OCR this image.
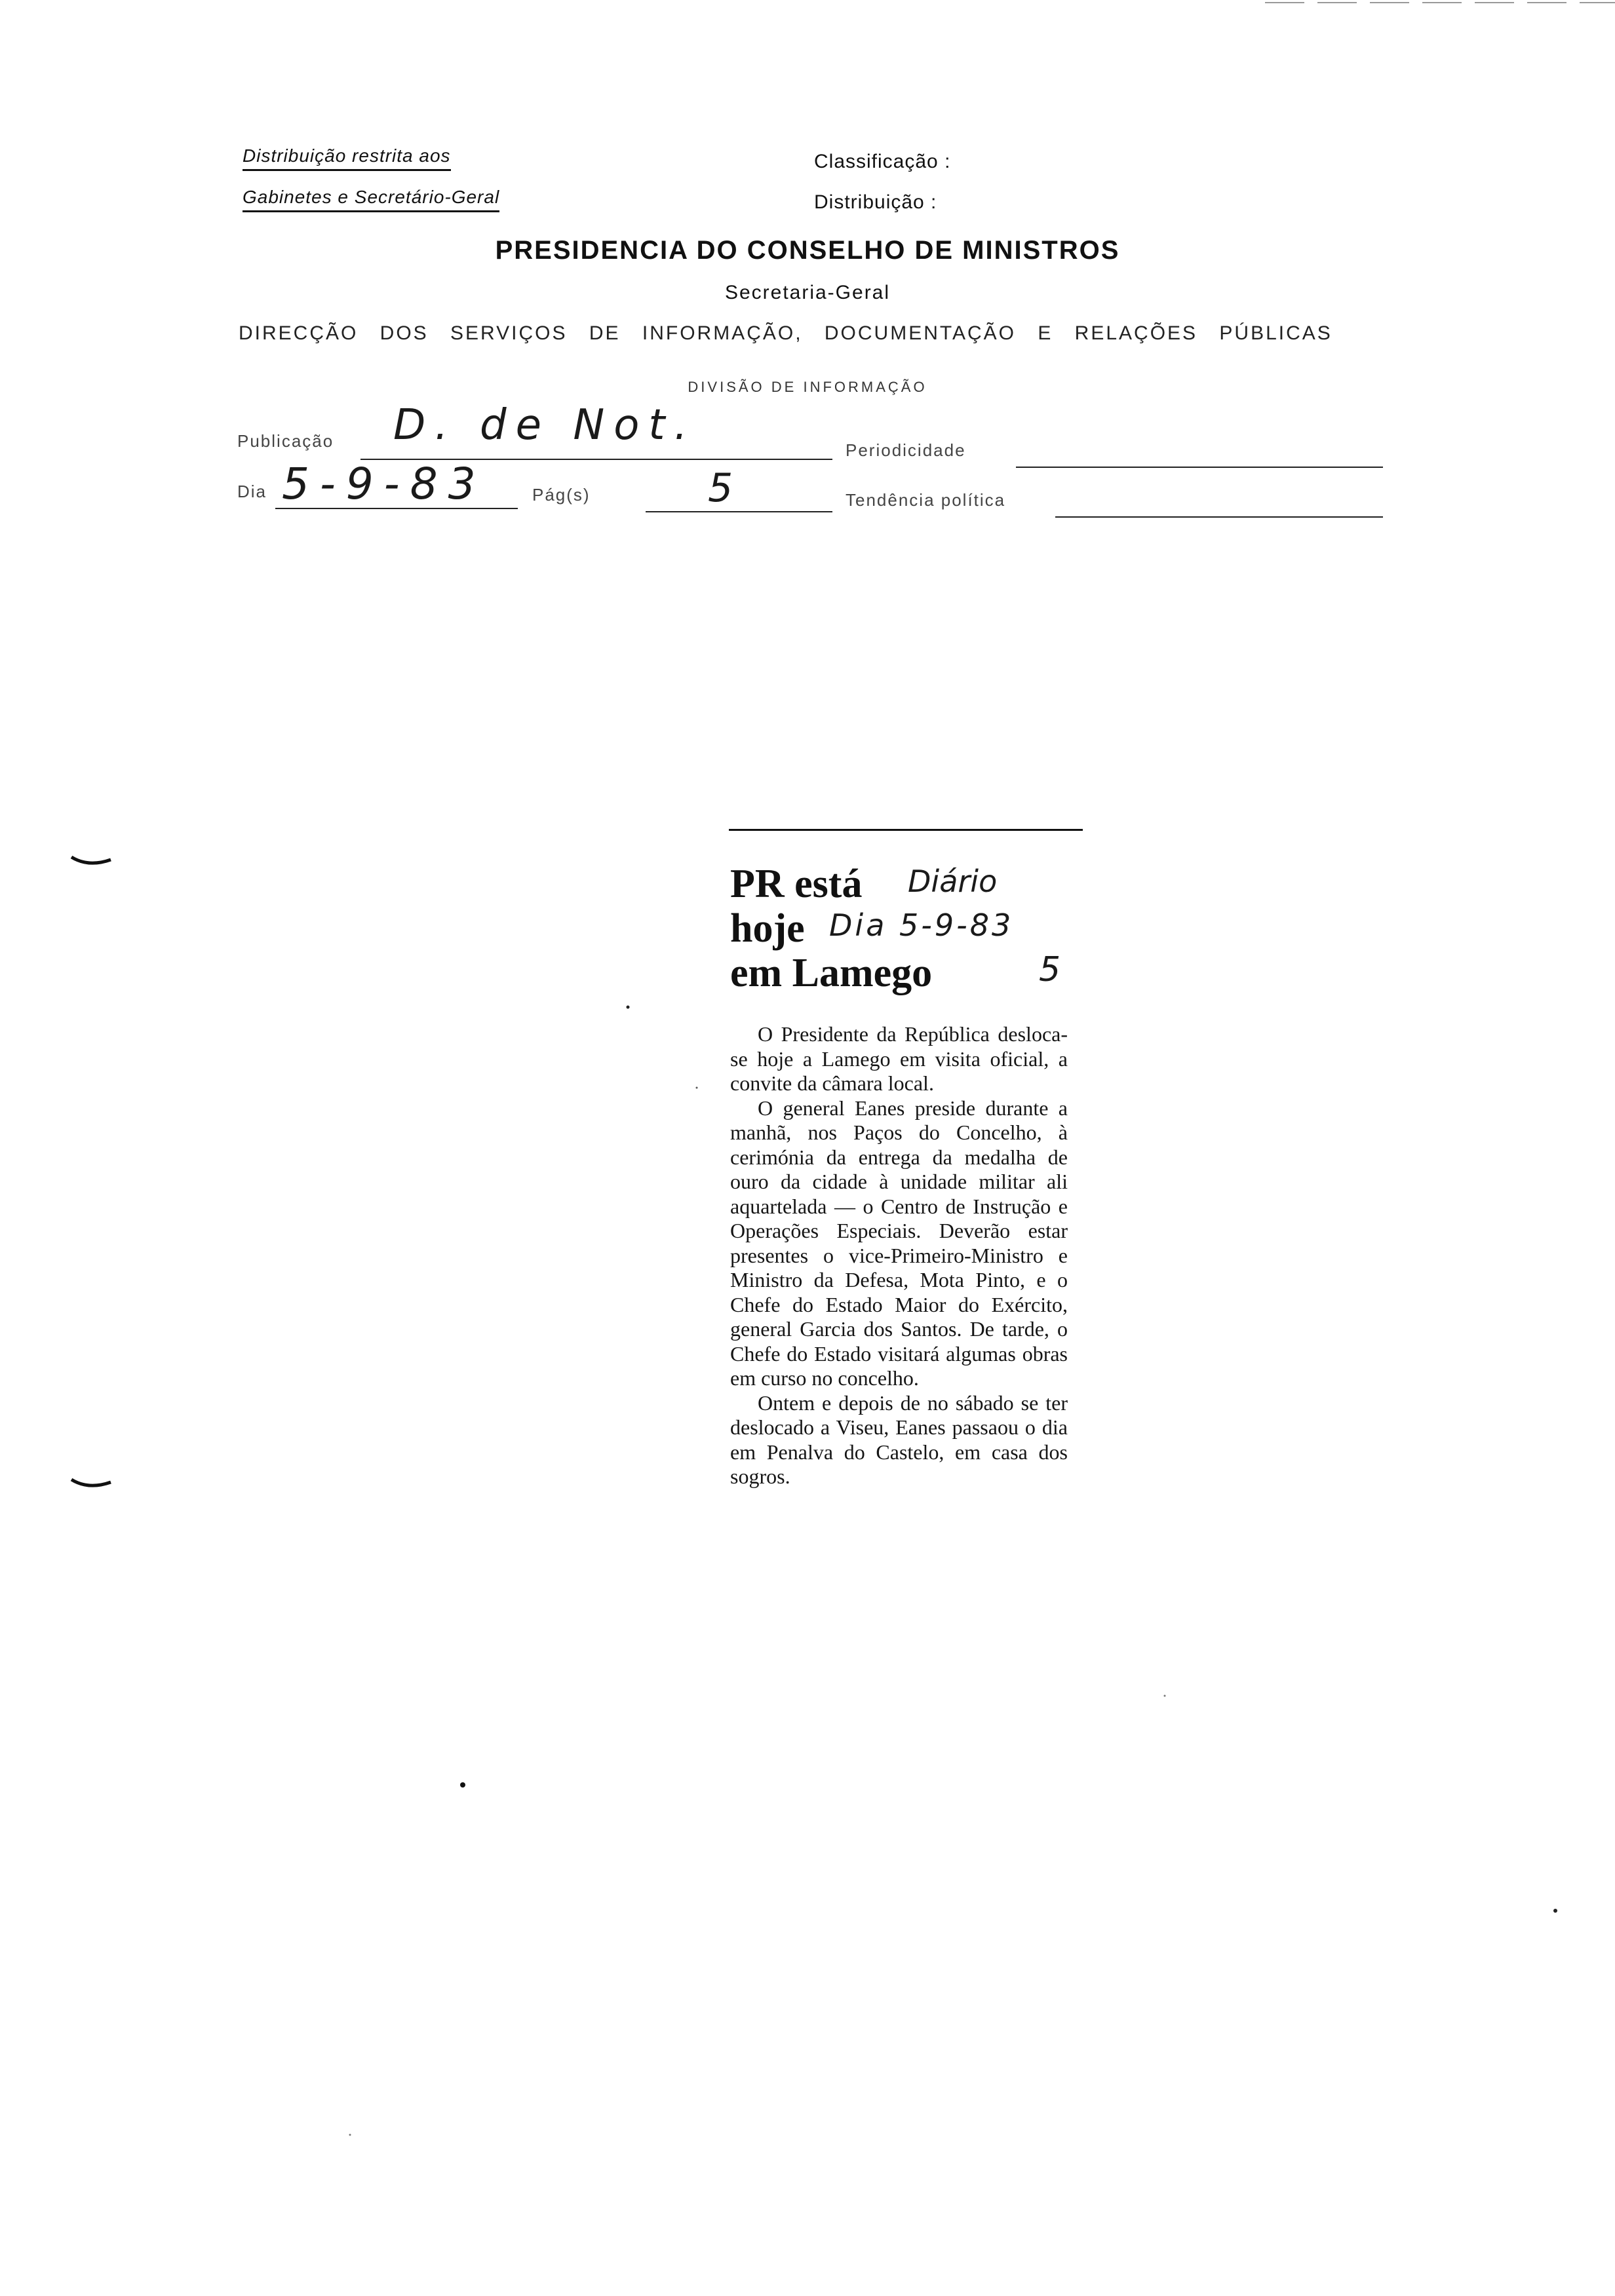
Distribuição restrita aos
Gabinetes e Secretário-Geral
Classificação :
Distribuição :
PRESIDENCIA DO CONSELHO DE MINISTROS
Secretaria-Geral
DIRECÇÃO DOS SERVIÇOS DE INFORMAÇÃO, DOCUMENTAÇÃO E RELAÇÕES PÚBLICAS
DIVISÃO DE INFORMAÇÃO
Publicação D. de Not.
Periodicidade
Dia 5-9-83	Pág(s)	5	Tendência política
PR está
hoje
em Lamego
Diário
Dia 5-9-83
5

O Presidente da República desloca-se hoje a Lamego em visita oficial, a convite da câmara local.

O general Eanes preside durante a manhã, nos Paços do Concelho, à cerimónia da entrega da medalha de ouro da cidade à unidade militar ali aquartelada — o Centro de Instrução e Operações Especiais. Deverão estar presentes o vice-Primeiro-Ministro e Ministro da Defesa, Mota Pinto, e o Chefe do Estado Maior do Exército, general Garcia dos Santos. De tarde, o Chefe do Estado visitará algumas obras em curso no concelho.

Ontem e depois de no sábado se ter deslocado a Viseu, Eanes passaou o dia em Penalva do Castelo, em casa dos sogros.
